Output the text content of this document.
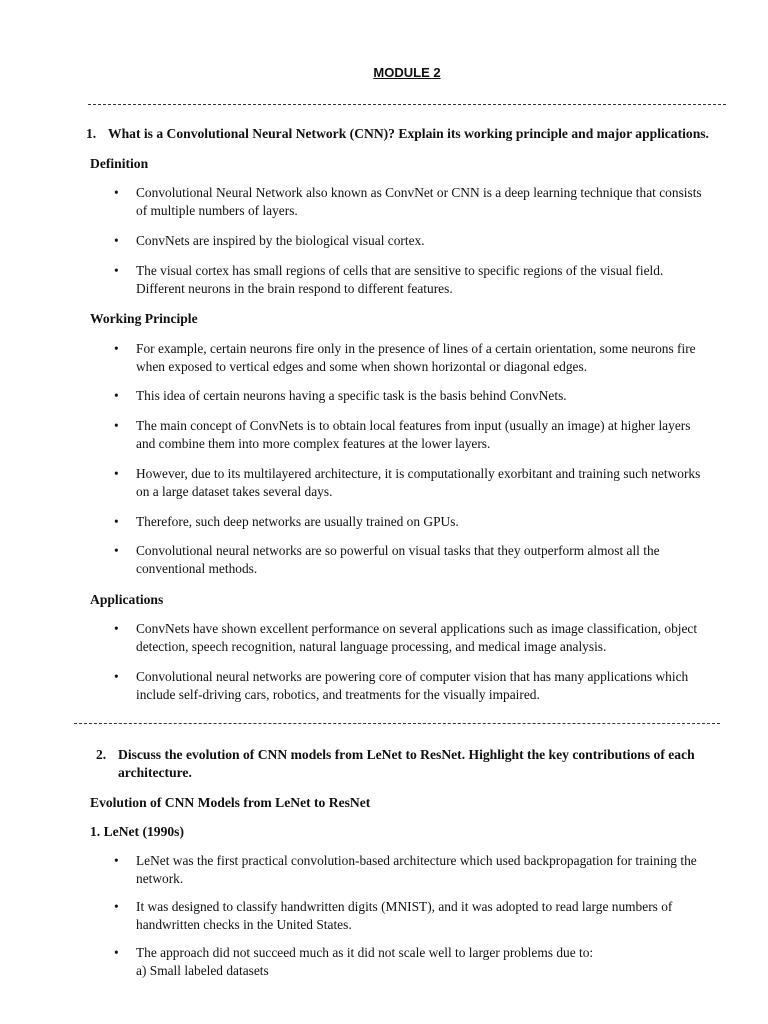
MODULE 2
1. What is a Convolutional Neural Network (CNN)? Explain its working principle and major applications.
Definition
• Convolutional Neural Network also known as ConvNet or CNN is a deep learning technique that consists
of multiple numbers of layers.
• ConvNets are inspired by the biological visual cortex.
• The visual cortex has small regions of cells that are sensitive to specific regions of the visual field.
Different neurons in the brain respond to different features.
Working Principle
• For example, certain neurons fire only in the presence of lines of a certain orientation, some neurons fire
when exposed to vertical edges and some when shown horizontal or diagonal edges.
• This idea of certain neurons having a specific task is the basis behind ConvNets.
• The main concept of ConvNets is to obtain local features from input (usually an image) at higher layers
and combine them into more complex features at the lower layers.
• However, due to its multilayered architecture, it is computationally exorbitant and training such networks
on a large dataset takes several days.
• Therefore, such deep networks are usually trained on GPUs.
• Convolutional neural networks are so powerful on visual tasks that they outperform almost all the
conventional methods.
Applications
• ConvNets have shown excellent performance on several applications such as image classification, object
detection, speech recognition, natural language processing, and medical image analysis.
• Convolutional neural networks are powering core of computer vision that has many applications which
include self-driving cars, robotics, and treatments for the visually impaired.
2. Discuss the evolution of CNN models from LeNet to ResNet. Highlight the key contributions of each
architecture.
Evolution of CNN Models from LeNet to ResNet
1. LeNet (1990s)
• LeNet was the first practical convolution-based architecture which used backpropagation for training the
network.
• It was designed to classify handwritten digits (MNIST), and it was adopted to read large numbers of
handwritten checks in the United States.
• The approach did not succeed much as it did not scale well to larger problems due to:
a) Small labeled datasets
